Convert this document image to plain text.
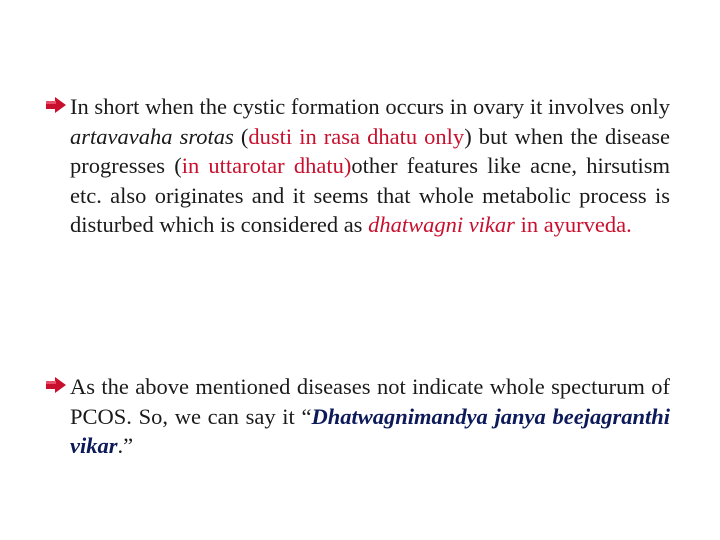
In short when the cystic formation occurs in ovary it involves only artavavaha srotas (dusti in rasa dhatu only) but when the disease progresses (in uttarotar dhatu)other features like acne, hirsutism etc. also originates and it seems that whole metabolic process is disturbed which is considered as dhatwagni vikar in ayurveda.

As the above mentioned diseases not indicate whole specturum of PCOS. So, we can say it “Dhatwagnimandya janya beejagranthi vikar.”
